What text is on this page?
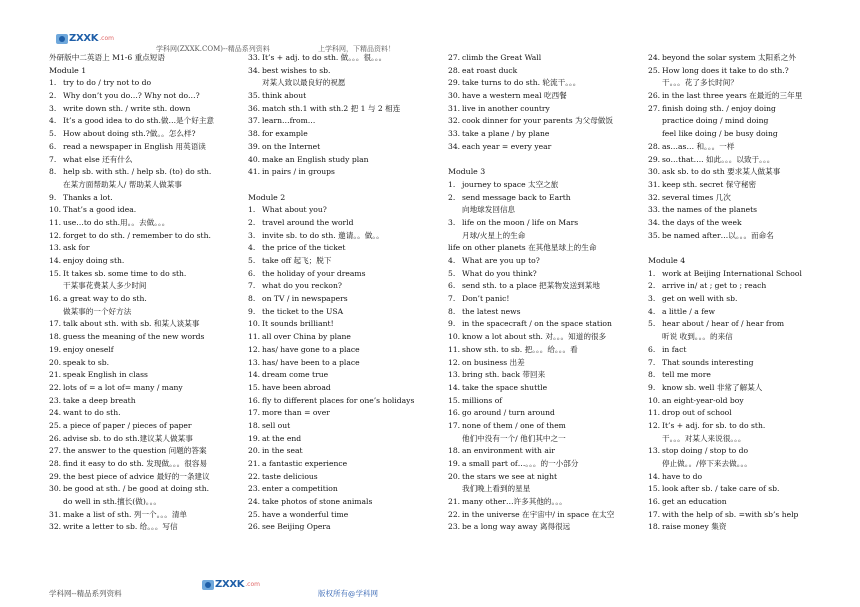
ZXXK .com
学科网(ZXXK.COM)--精品系列资料	上学科网，下精品资料！
外研版中二英语上 M1-6 重点短语
Module 1
1. try to do / try not to do
2. Why don’t you do…? Why not do…?
3. write down sth. / write sth. down
4. It’s a good idea to do sth.做…是个好主意
5. How about doing sth.?做。。怎么样?
6. read a newspaper in English 用英语读
7. what else 还有什么
8. help sb. with sth. / help sb. (to) do sth.
在某方面帮助某人/ 帮助某人做某事
9. Thanks a lot.
10. That’s a good idea.
11. use…to do sth.用。。去做。。。
12. forget to do sth. / remember to do sth.
13. ask for
14. enjoy doing sth.
15. It takes sb. some time to do sth.
干某事花费某人多少时间
16. a great way to do sth.
做某事的一个好方法
17. talk about sth. with sb. 和某人谈某事
18. guess the meaning of the new words
19. enjoy oneself
20. speak to sb.
21. speak English in class
22. lots of = a lot of= many / many
23. take a deep breath
24. want to do sth.
25. a piece of paper / pieces of paper
26. advise sb. to do sth.建议某人做某事
27. the answer to the question 问题的答案
28. find it easy to do sth. 发现做。。。很容易
29. the best piece of advice 最好的一条建议
30. be good at sth. / be good at doing sth.
do well in sth.擅长(做)。。。
31. make a list of sth. 列一个。。。清单
32. write a letter to sb. 给。。。写信
33. It’s + adj. to do sth. 做。。。很。。。
34. best wishes to sb.
对某人致以最良好的祝愿
35. think about
36. match sth.1 with sth.2 把 1 与 2 相连
37. learn…from…
38. for example
39. on the Internet
40. make an English study plan
41. in pairs / in groups
Module 2
1. What about you?
2. travel around the world
3. invite sb. to do sth. 邀请。。做。。
4. the price of the ticket
5. take off 起飞；脱下
6. the holiday of your dreams
7. what do you reckon?
8. on TV / in newspapers
9. the ticket to the USA
10. It sounds brilliant!
11. all over China by plane
12. has/ have gone to a place
13. has/ have been to a place
14. dream come true
15. have been abroad
16. fly to different places for one’s holidays
17. more than = over
18. sell out
19. at the end
20. in the seat
21. a fantastic experience
22. taste delicious
23. enter a competition
24. take photos of stone animals
25. have a wonderful time
26. see Beijing Opera
27. climb the Great Wall
28. eat roast duck
29. take turns to do sth. 轮流干。。。
30. have a western meal 吃西餐
31. live in another country
32. cook dinner for your parents 为父母做饭
33. take a plane / by plane
34. each year = every year
Module 3
1. journey to space 太空之旅
2. send message back to Earth
向地球发回信息
3. life on the moon / life on Mars
月球/火星上的生命
life on other planets 在其他星球上的生命
4. What are you up to?
5. What do you think?
6. send sth. to a place 把某物发送到某地
7. Don’t panic!
8. the latest news
9. in the spacecraft / on the space station
10. know a lot about sth. 对。。。知道的很多
11. show sth. to sb. 把。。。给。。。看
12. on business 出差
13. bring sth. back 带回来
14. take the space shuttle
15. millions of
16. go around / turn around
17. none of them / one of them
他们中没有一个/ 他们其中之一
18. an environment with air
19. a small part of…。。。的一小部分
20. the stars we see at night
我们晚上看到的星星
21. many other…许多其他的。。。
22. in the universe 在宇宙中/ in space 在太空
23. be a long way away 离得很远
24. beyond the solar system 太阳系之外
25. How long does it take to do sth.?
干。。。花了多长时间？
26. in the last three years 在最近的三年里
27. finish doing sth. / enjoy doing
practice doing / mind doing
feel like doing / be busy doing
28. as…as… 和。。。一样
29. so…that…. 如此。。。以致于。。。
30. ask sb. to do sth 要求某人做某事
31. keep sth. secret 保守秘密
32. several times 几次
33. the names of the planets
34. the days of the week
35. be named after…以。。。而命名
Module 4
1. work at Beijing International School
2. arrive in/ at ; get to ; reach
3. get on well with sb.
4. a little / a few
5. hear about / hear of / hear from
听说 收到。。。的来信
6. in fact
7. That sounds interesting
8. tell me more
9. know sb. well 非常了解某人
10. an eight-year-old boy
11. drop out of school
12. It’s + adj. for sb. to do sth.
干。。。对某人来说很。。。
13. stop doing / stop to do
停止做。。/停下来去做。。。
14. have to do
15. look after sb. / take care of sb.
16. get an education
17. with the help of sb. =with sb’s help
18. raise money 集资
学科网--精品系列资料
ZXXK .com
版权所有@学科网
